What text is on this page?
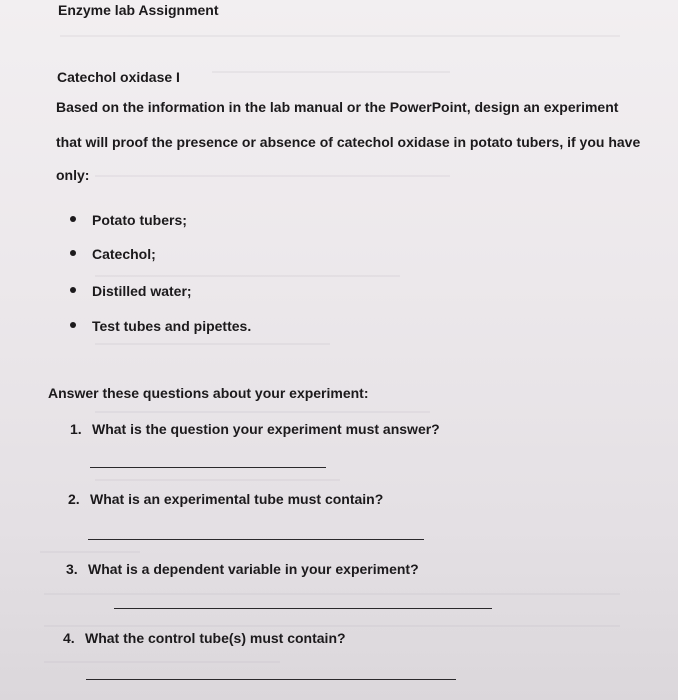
Enzyme lab Assignment
Catechol oxidase I
Based on the information in the lab manual or the PowerPoint, design an experiment
that will proof the presence or absence of catechol oxidase in potato tubers, if you have
only:
Potato tubers;
Catechol;
Distilled water;
Test tubes and pipettes.
Answer these questions about your experiment:
1. What is the question your experiment must answer?
2. What is an experimental tube must contain?
3. What is a dependent variable in your experiment?
4. What the control tube(s) must contain?
